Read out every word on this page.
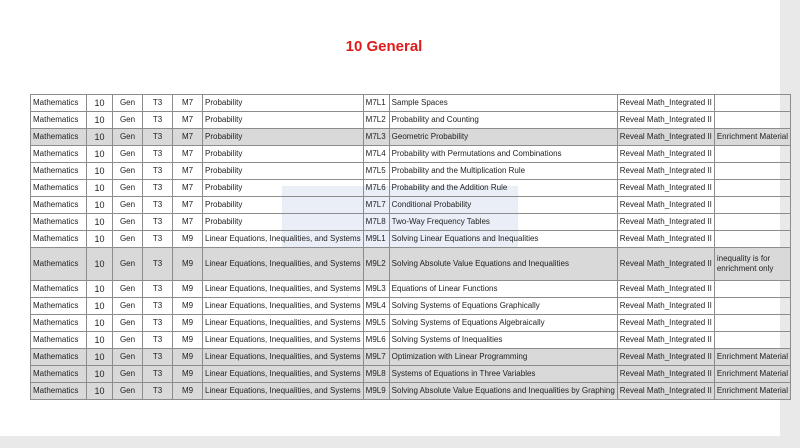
10 General
Mathematics	10	Gen	T3	M7	Probability	M7L1	Sample Spaces	Reveal Math_Integrated II	
Mathematics	10	Gen	T3	M7	Probability	M7L2	Probability and Counting	Reveal Math_Integrated II	
Mathematics	10	Gen	T3	M7	Probability	M7L3	Geometric Probability	Reveal Math_Integrated II	Enrichment Material
Mathematics	10	Gen	T3	M7	Probability	M7L4	Probability with Permutations and Combinations	Reveal Math_Integrated II	
Mathematics	10	Gen	T3	M7	Probability	M7L5	Probability and the Multiplication Rule	Reveal Math_Integrated II	
Mathematics	10	Gen	T3	M7	Probability	M7L6	Probability and the Addition Rule	Reveal Math_Integrated II	
Mathematics	10	Gen	T3	M7	Probability	M7L7	Conditional Probability	Reveal Math_Integrated II	
Mathematics	10	Gen	T3	M7	Probability	M7L8	Two-Way Frequency Tables	Reveal Math_Integrated II	
Mathematics	10	Gen	T3	M9	Linear Equations, Inequalities, and Systems	M9L1	Solving Linear Equations and Inequalities	Reveal Math_Integrated II	
Mathematics	10	Gen	T3	M9	Linear Equations, Inequalities, and Systems	M9L2	Solving Absolute Value Equations and Inequalities	Reveal Math_Integrated II	inequality is for enrichment only
Mathematics	10	Gen	T3	M9	Linear Equations, Inequalities, and Systems	M9L3	Equations of Linear Functions	Reveal Math_Integrated II	
Mathematics	10	Gen	T3	M9	Linear Equations, Inequalities, and Systems	M9L4	Solving Systems of Equations Graphically	Reveal Math_Integrated II	
Mathematics	10	Gen	T3	M9	Linear Equations, Inequalities, and Systems	M9L5	Solving Systems of Equations Algebraically	Reveal Math_Integrated II	
Mathematics	10	Gen	T3	M9	Linear Equations, Inequalities, and Systems	M9L6	Solving Systems of Inequalities	Reveal Math_Integrated II	
Mathematics	10	Gen	T3	M9	Linear Equations, Inequalities, and Systems	M9L7	Optimization with Linear Programming	Reveal Math_Integrated II	Enrichment Material
Mathematics	10	Gen	T3	M9	Linear Equations, Inequalities, and Systems	M9L8	Systems of Equations in Three Variables	Reveal Math_Integrated II	Enrichment Material
Mathematics	10	Gen	T3	M9	Linear Equations, Inequalities, and Systems	M9L9	Solving Absolute Value Equations and Inequalities by Graphing	Reveal Math_Integrated II	Enrichment Material
